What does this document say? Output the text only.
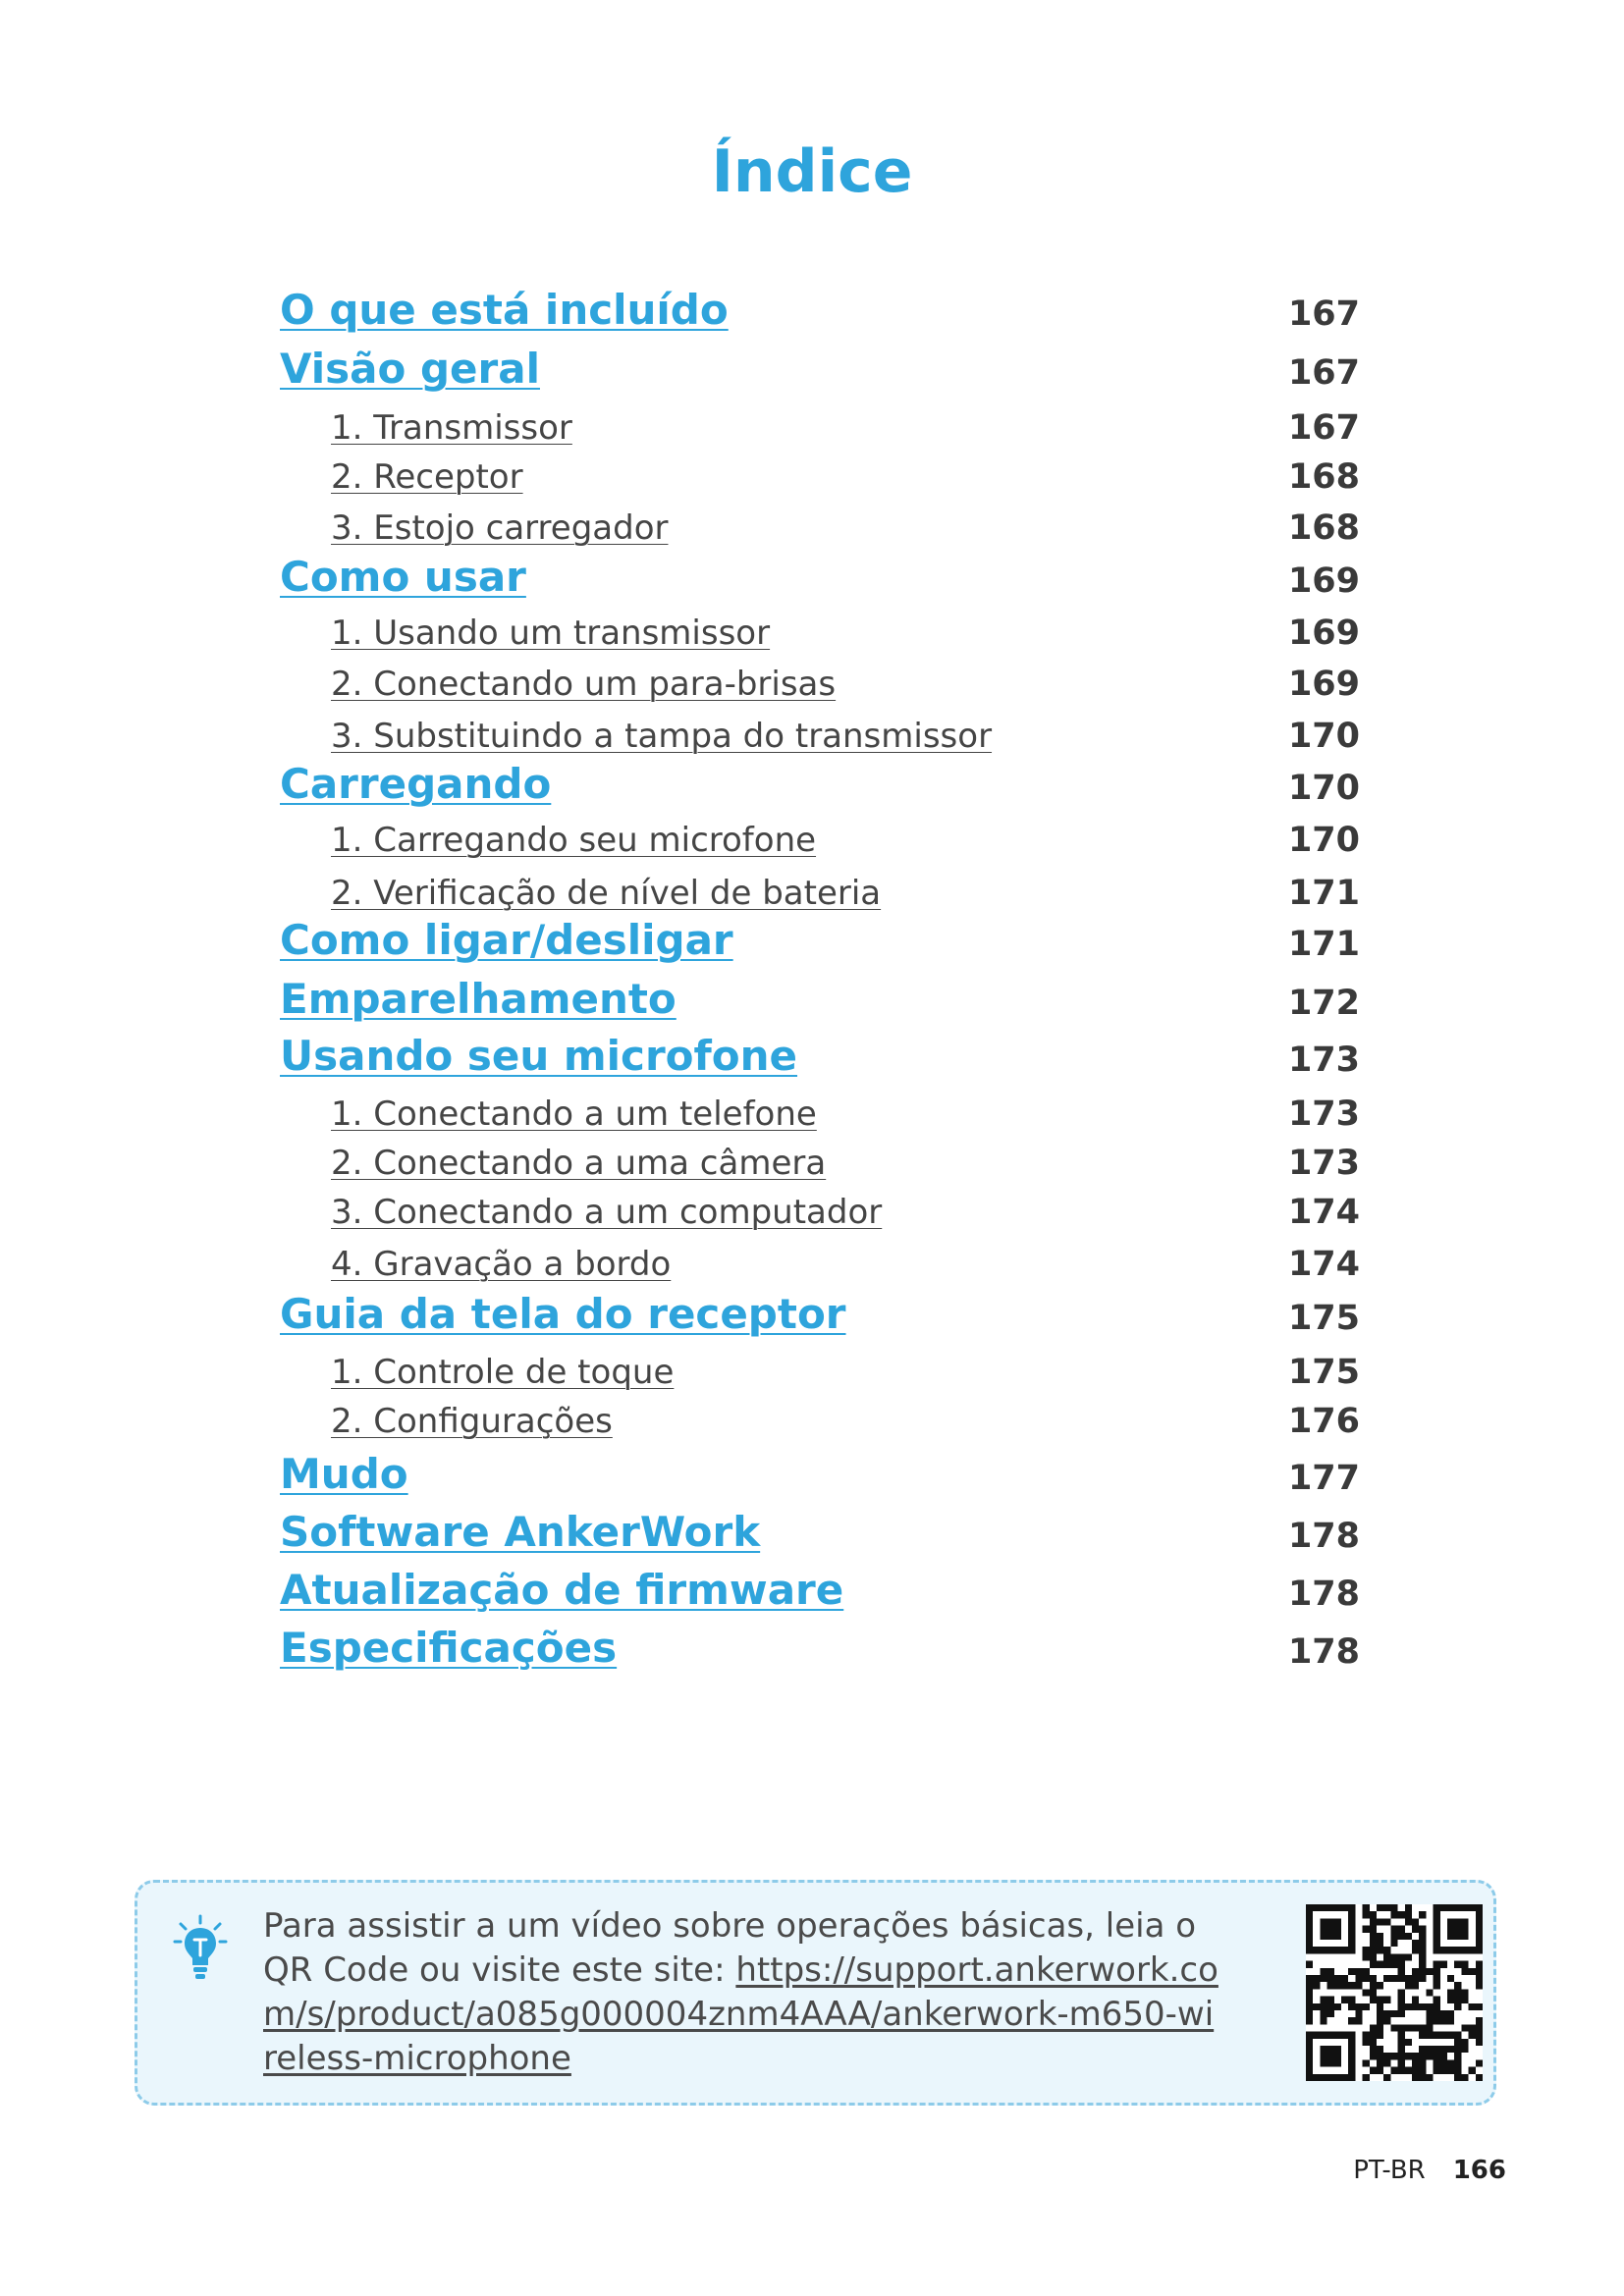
Índice
O que está incluído	167
Visão geral	167
1. Transmissor	167
2. Receptor	168
3. Estojo carregador	168
Como usar	169
1. Usando um transmissor	169
2. Conectando um para-brisas	169
3. Substituindo a tampa do transmissor	170
Carregando	170
1. Carregando seu microfone	170
2. Verificação de nível de bateria	171
Como ligar/desligar	171
Emparelhamento	172
Usando seu microfone	173
1. Conectando a um telefone	173
2. Conectando a uma câmera	173
3. Conectando a um computador	174
4. Gravação a bordo	174
Guia da tela do receptor	175
1. Controle de toque	175
2. Configurações	176
Mudo	177
Software AnkerWork	178
Atualização de firmware	178
Especificações	178
Para assistir a um vídeo sobre operações básicas, leia o QR Code ou visite este site: https://support.ankerwork.com/s/product/a085g000004znm4AAA/ankerwork-m650-wireless-microphone
PT-BR 166
